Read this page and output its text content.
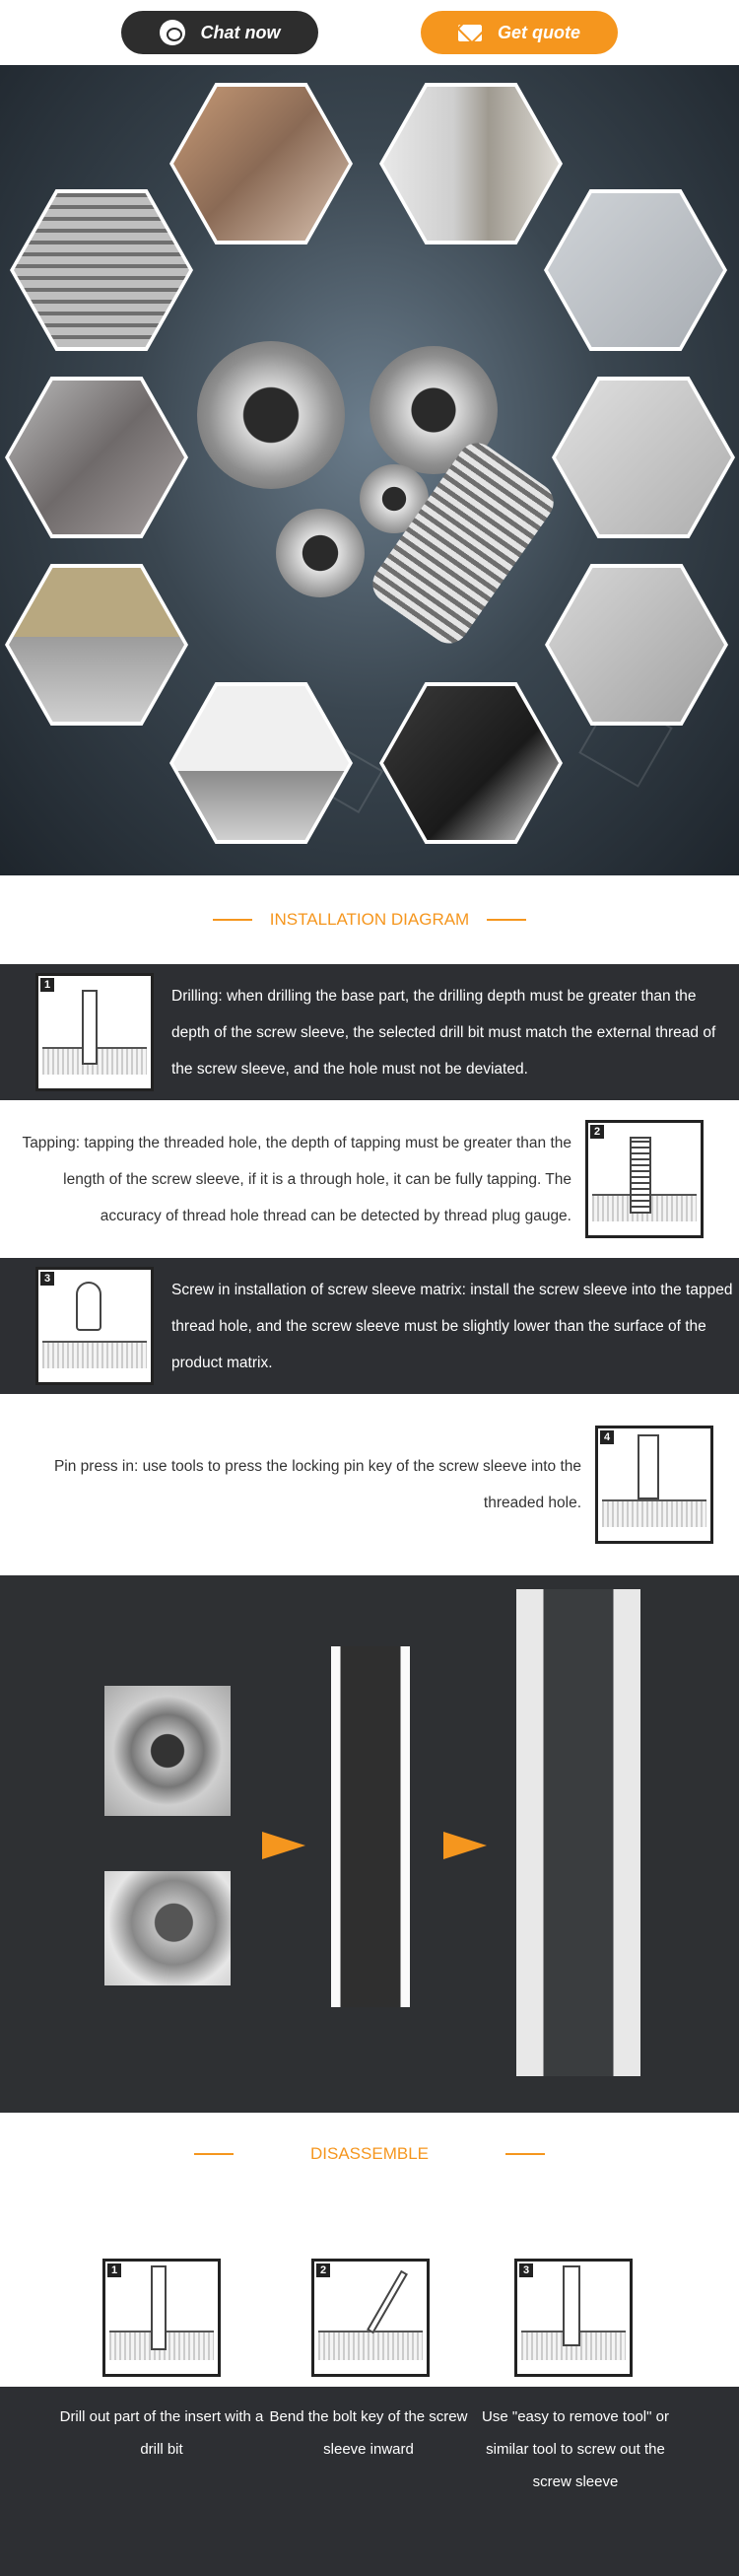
Chat now	Get quote
INSTALLATION DIAGRAM
1
Drilling: when drilling the base part, the drilling depth must be greater than the depth of the screw sleeve, the selected drill bit must match the external thread of the screw sleeve, and the hole must not be deviated.
Tapping: tapping the threaded hole, the depth of tapping must be greater than the length of the screw sleeve, if it is a through hole, it can be fully tapping. The accuracy of thread hole thread can be detected by thread plug gauge.
2
3
Screw in installation of screw sleeve matrix: install the screw sleeve into the tapped thread hole, and the screw sleeve must be slightly lower than the surface of the product matrix.
Pin press in: use tools to press the locking pin key of the screw sleeve into the threaded hole.
4
DISASSEMBLE
1	2	3
Drill out part of the insert with a drill bit
Bend the bolt key of the screw sleeve inward
Use "easy to remove tool" or similar tool to screw out the screw sleeve
